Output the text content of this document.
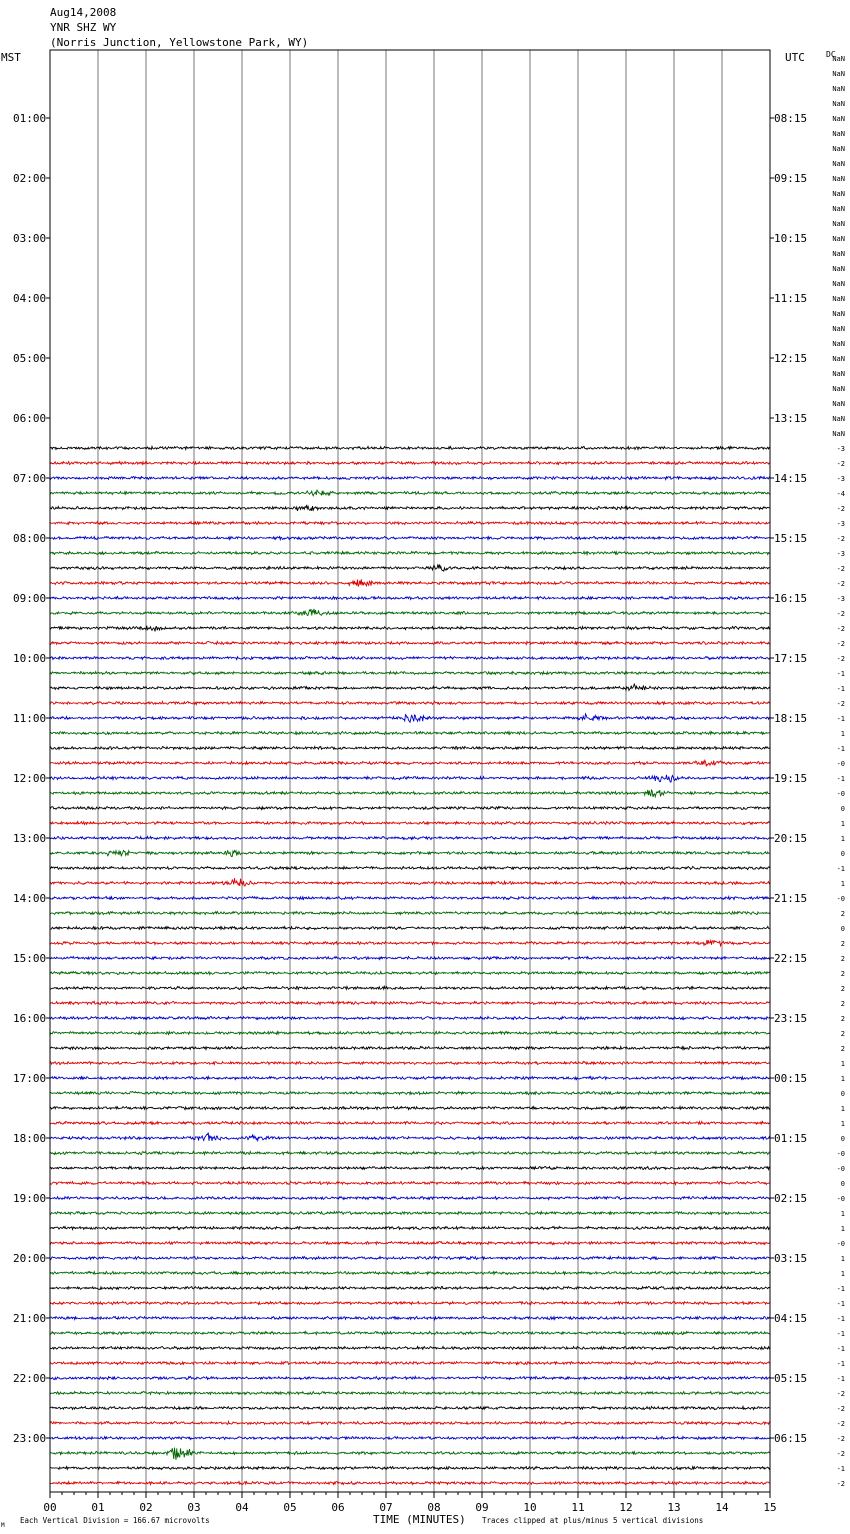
Aug14,2008
YNR SHZ WY
(Norris Junction, Yellowstone Park, WY)
MST	UTC	DC
00	01	02	03	04	05	06	07	08	09	10	11	12	13	14	15
01:00
02:00
03:00
04:00
05:00
06:00
07:00
08:00
09:00
10:00
11:00
12:00
13:00
14:00
15:00
16:00
17:00
18:00
19:00
20:00
21:00
22:00
23:00
08:15
09:15
10:15
11:15
12:15
13:15
14:15
15:15
16:15
17:15
18:15
19:15
20:15
21:15
22:15
23:15
00:15
01:15
02:15
03:15
04:15
05:15
06:15
NaN
NaN
NaN
NaN
NaN
NaN
NaN
NaN
NaN
NaN
NaN
NaN
NaN
NaN
NaN
NaN
NaN
NaN
NaN
NaN
NaN
NaN
NaN
NaN
NaN
NaN
-3
-2
-3
-4
-2
-3
-2
-3
-2
-2
-3
-2
-2
-2
-2
-1
-1
-2
-1
1
-1
-0
-1
-0
0
1
1
0
-1
1
-0
2
0
2
2
2
2
2
2
2
2
1
1
0
1
1
0
-0
-0
0
-0
1
1
-0
1
1
-1
-1
-1
-1
-1
-1
-1
-2
-2
-2
-2
-2
-1
-2
TIME (MINUTES)
Each Vertical Division = 166.67 microvolts	Traces clipped at plus/minus 5 vertical divisions
M
